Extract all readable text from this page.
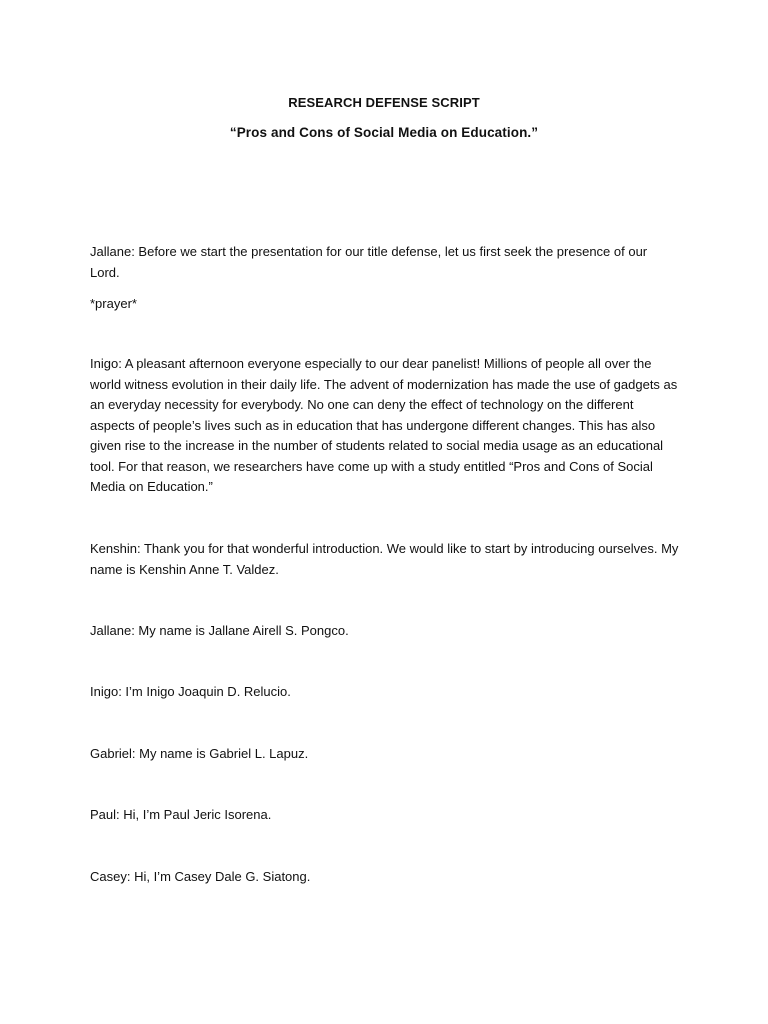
RESEARCH DEFENSE SCRIPT
“Pros and Cons of Social Media on Education.”

Jallane: Before we start the presentation for our title defense, let us first seek the presence of our Lord.

*prayer*

Inigo: A pleasant afternoon everyone especially to our dear panelist! Millions of people all over the world witness evolution in their daily life. The advent of modernization has made the use of gadgets as an everyday necessity for everybody. No one can deny the effect of technology on the different aspects of people’s lives such as in education that has undergone different changes. This has also given rise to the increase in the number of students related to social media usage as an educational tool. For that reason, we researchers have come up with a study entitled “Pros and Cons of Social Media on Education.”

Kenshin: Thank you for that wonderful introduction. We would like to start by introducing ourselves. My name is Kenshin Anne T. Valdez.

Jallane: My name is Jallane Airell S. Pongco.

Inigo: I’m Inigo Joaquin D. Relucio.

Gabriel: My name is Gabriel L. Lapuz.

Paul: Hi, I’m Paul Jeric Isorena.

Casey: Hi, I’m Casey Dale G. Siatong.
